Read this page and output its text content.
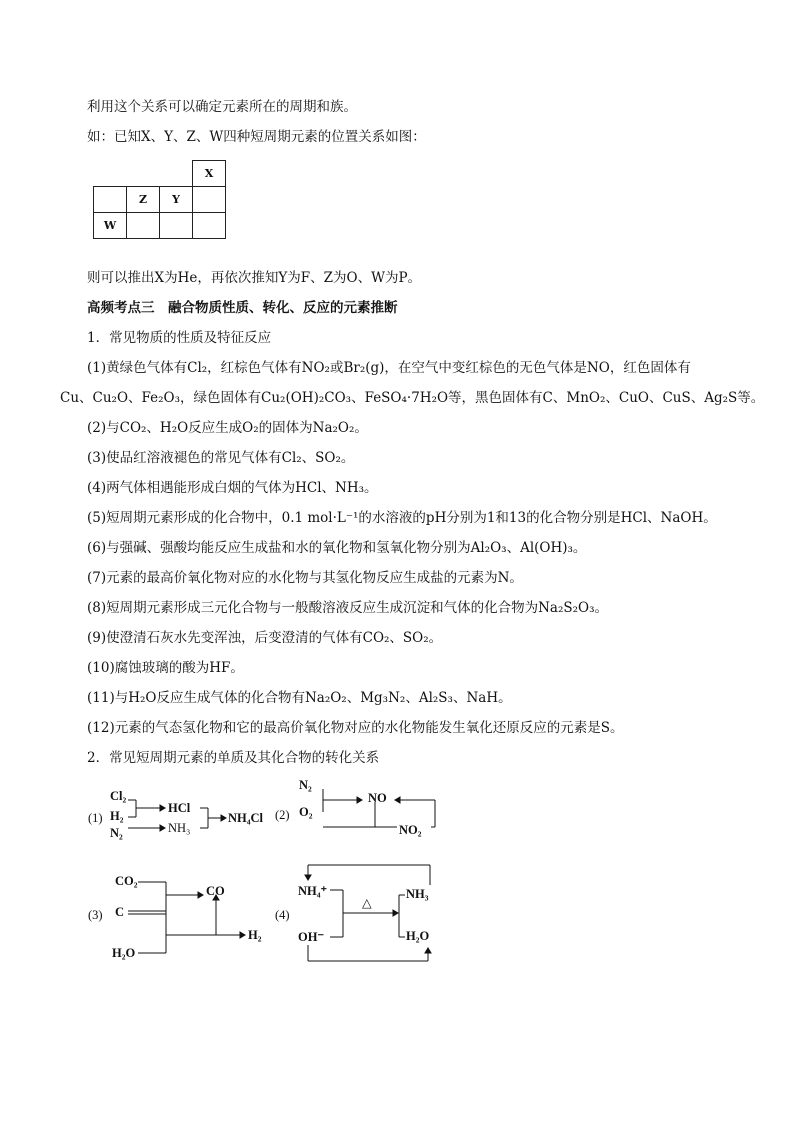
利用这个关系可以确定元素所在的周期和族。
如：已知X、Y、Z、W四种短周期元素的位置关系如图：
			X
	Z	Y	
W			
则可以推出X为He，再依次推知Y为F、Z为O、W为P。
高频考点三　融合物质性质、转化、反应的元素推断
1．常见物质的性质及特征反应
(1)黄绿色气体有Cl₂，红棕色气体有NO₂或Br₂(g)，在空气中变红棕色的无色气体是NO，红色固体有
Cu、Cu₂O、Fe₂O₃，绿色固体有Cu₂(OH)₂CO₃、FeSO₄·7H₂O等，黑色固体有C、MnO₂、CuO、CuS、Ag₂S等。
(2)与CO₂、H₂O反应生成O₂的固体为Na₂O₂。
(3)使品红溶液褪色的常见气体有Cl₂、SO₂。
(4)两气体相遇能形成白烟的气体为HCl、NH₃。
(5)短周期元素形成的化合物中，0.1 mol·L⁻¹的水溶液的pH分别为1和13的化合物分别是HCl、NaOH。
(6)与强碱、强酸均能反应生成盐和水的氧化物和氢氧化物分别为Al₂O₃、Al(OH)₃。
(7)元素的最高价氧化物对应的水化物与其氢化物反应生成盐的元素为N。
(8)短周期元素形成三元化合物与一般酸溶液反应生成沉淀和气体的化合物为Na₂S₂O₃。
(9)使澄清石灰水先变浑浊，后变澄清的气体有CO₂、SO₂。
(10)腐蚀玻璃的酸为HF。
(11)与H₂O反应生成气体的化合物有Na₂O₂、Mg₃N₂、Al₂S₃、NaH。
(12)元素的气态氢化物和它的最高价氧化物对应的水化物能发生氧化还原反应的元素是S。
2．常见短周期元素的单质及其化合物的转化关系
(1)
Cl₂
H₂
N₂
HCl
NH₃
NH₄Cl (2)
N₂
O₂
NO
NO₂
(3)
CO₂
C
H₂O
CO
H₂
(4)
NH₄⁺
OH⁻
△
NH₃
H₂O
